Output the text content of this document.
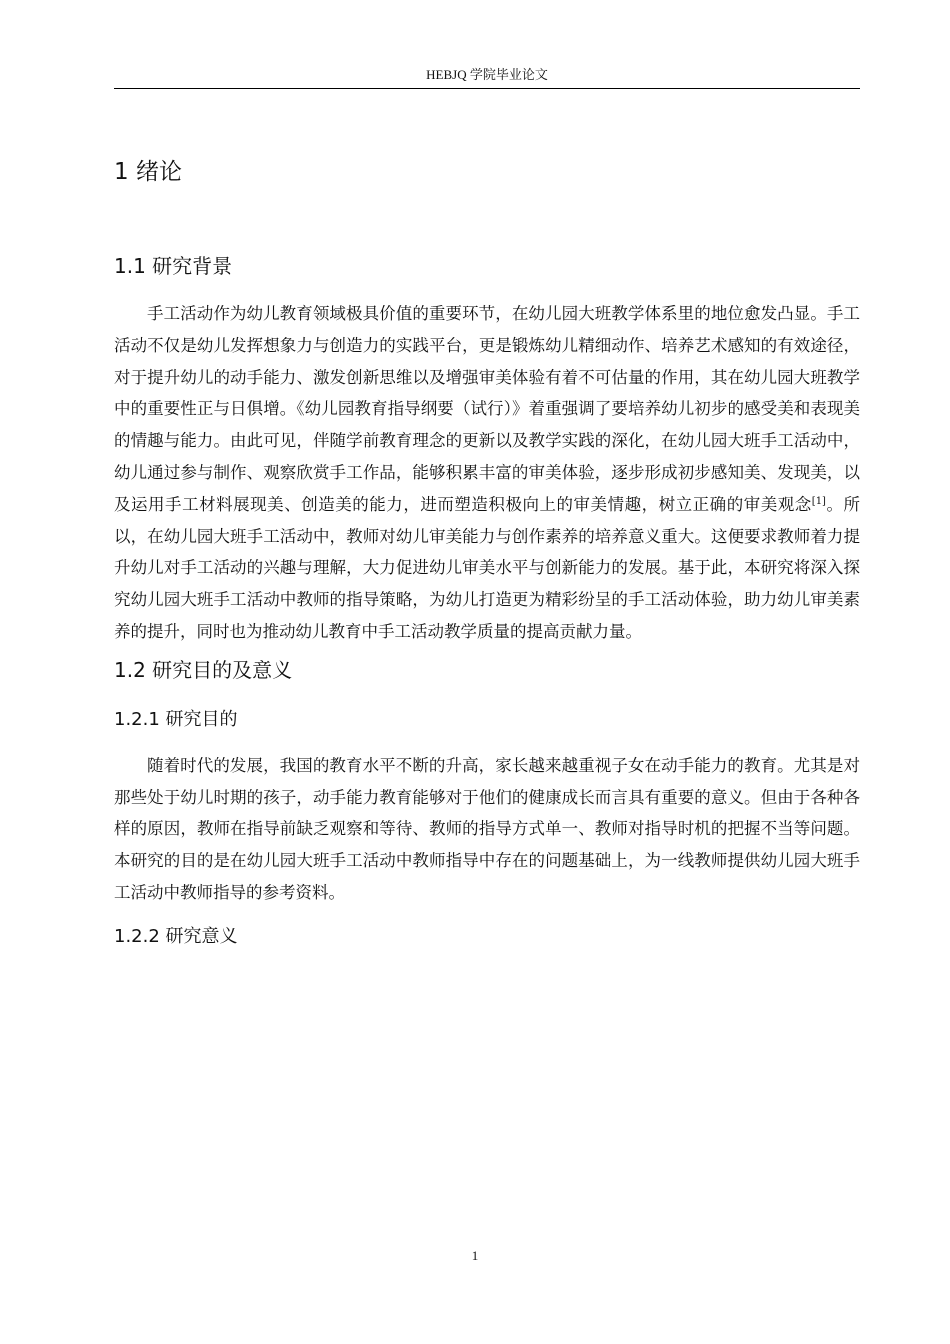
HEBJQ 学院毕业论文
1 绪论
1.1 研究背景

手工活动作为幼儿教育领域极具价值的重要环节，在幼儿园大班教学体系里的地位愈发凸显。手工活动不仅是幼儿发挥想象力与创造力的实践平台，更是锻炼幼儿精细动作、培养艺术感知的有效途径，对于提升幼儿的动手能力、激发创新思维以及增强审美体验有着不可估量的作用，其在幼儿园大班教学中的重要性正与日俱增。《幼儿园教育指导纲要（试行）》着重强调了要培养幼儿初步的感受美和表现美的情趣与能力。由此可见，伴随学前教育理念的更新以及教学实践的深化，在幼儿园大班手工活动中，幼儿通过参与制作、观察欣赏手工作品，能够积累丰富的审美体验，逐步形成初步感知美、发现美，以及运用手工材料展现美、创造美的能力，进而塑造积极向上的审美情趣，树立正确的审美观念[1]。所以，在幼儿园大班手工活动中，教师对幼儿审美能力与创作素养的培养意义重大。这便要求教师着力提升幼儿对手工活动的兴趣与理解，大力促进幼儿审美水平与创新能力的发展。基于此，本研究将深入探究幼儿园大班手工活动中教师的指导策略，为幼儿打造更为精彩纷呈的手工活动体验，助力幼儿审美素养的提升，同时也为推动幼儿教育中手工活动教学质量的提高贡献力量。

1.2 研究目的及意义
1.2.1 研究目的

随着时代的发展，我国的教育水平不断的升高，家长越来越重视子女在动手能力的教育。尤其是对那些处于幼儿时期的孩子，动手能力教育能够对于他们的健康成长而言具有重要的意义。但由于各种各样的原因，教师在指导前缺乏观察和等待、教师的指导方式单一、教师对指导时机的把握不当等问题。本研究的目的是在幼儿园大班手工活动中教师指导中存在的问题基础上，为一线教师提供幼儿园大班手工活动中教师指导的参考资料。

1.2.2 研究意义
1
